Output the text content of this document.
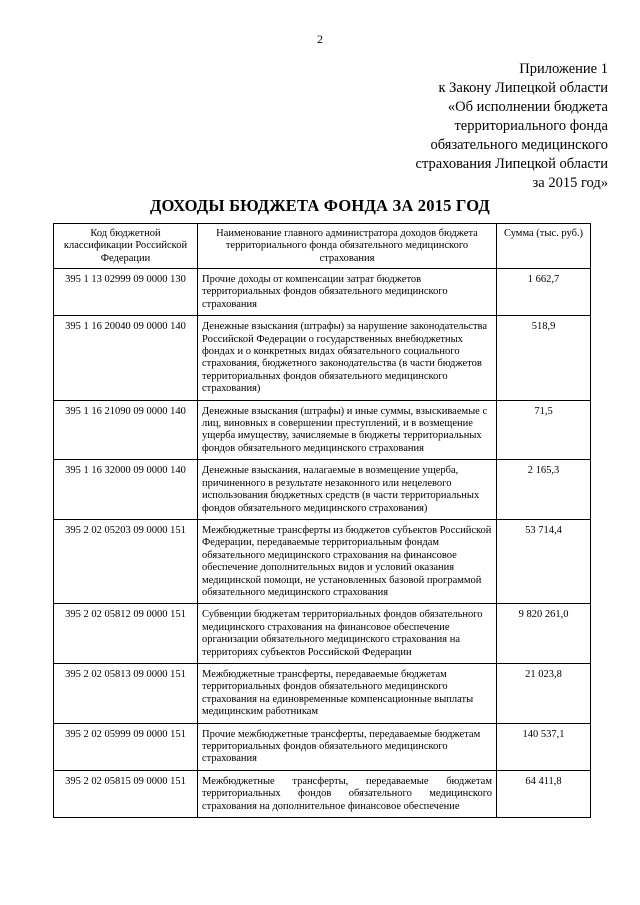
2
Приложение 1
к Закону Липецкой области
«Об исполнении бюджета
территориального фонда
обязательного медицинского
страхования Липецкой области
за 2015 год»
ДОХОДЫ БЮДЖЕТА ФОНДА ЗА 2015 ГОД
Код бюджетной классификации Российской Федерации	Наименование главного администратора доходов бюджета территориального фонда обязательного медицинского страхования	Сумма (тыс. руб.)
395 1 13 02999 09 0000 130	Прочие доходы от компенсации затрат бюджетов территориальных фондов обязательного медицинского страхования	1 662,7
395 1 16 20040 09 0000 140	Денежные взыскания (штрафы) за нарушение законодательства Российской Федерации о государственных внебюджетных фондах и о конкретных видах обязательного социального страхования, бюджетного законодательства (в части бюджетов территориальных фондов обязательного медицинского страхования)	518,9
395 1 16 21090 09 0000 140	Денежные взыскания (штрафы) и иные суммы, взыскиваемые с лиц, виновных в совершении преступлений, и в возмещение ущерба имуществу, зачисляемые в бюджеты территориальных фондов обязательного медицинского страхования	71,5
395 1 16 32000 09 0000 140	Денежные взыскания, налагаемые в возмещение ущерба, причиненного в результате незаконного или нецелевого использования бюджетных средств (в части территориальных фондов обязательного медицинского страхования)	2 165,3
395 2 02 05203 09 0000 151	Межбюджетные трансферты из бюджетов субъектов Российской Федерации, передаваемые территориальным фондам обязательного медицинского страхования на финансовое обеспечение дополнительных видов и условий оказания медицинской помощи, не установленных базовой программой обязательного медицинского страхования	53 714,4
395 2 02 05812 09 0000 151	Субвенции бюджетам территориальных фондов обязательного медицинского страхования на финансовое обеспечение организации обязательного медицинского страхования на территориях субъектов Российской Федерации	9 820 261,0
395 2 02 05813 09 0000 151	Межбюджетные трансферты, передаваемые бюджетам территориальных фондов обязательного медицинского страхования на единовременные компенсационные выплаты медицинским работникам	21 023,8
395 2 02 05999 09 0000 151	Прочие межбюджетные трансферты, передаваемые бюджетам территориальных фондов обязательного медицинского страхования	140 537,1
395 2 02 05815 09 0000 151	Межбюджетные трансферты, передаваемые бюджетам территориальных фондов обязательного медицинского страхования на дополнительное финансовое обеспечение	64 411,8
